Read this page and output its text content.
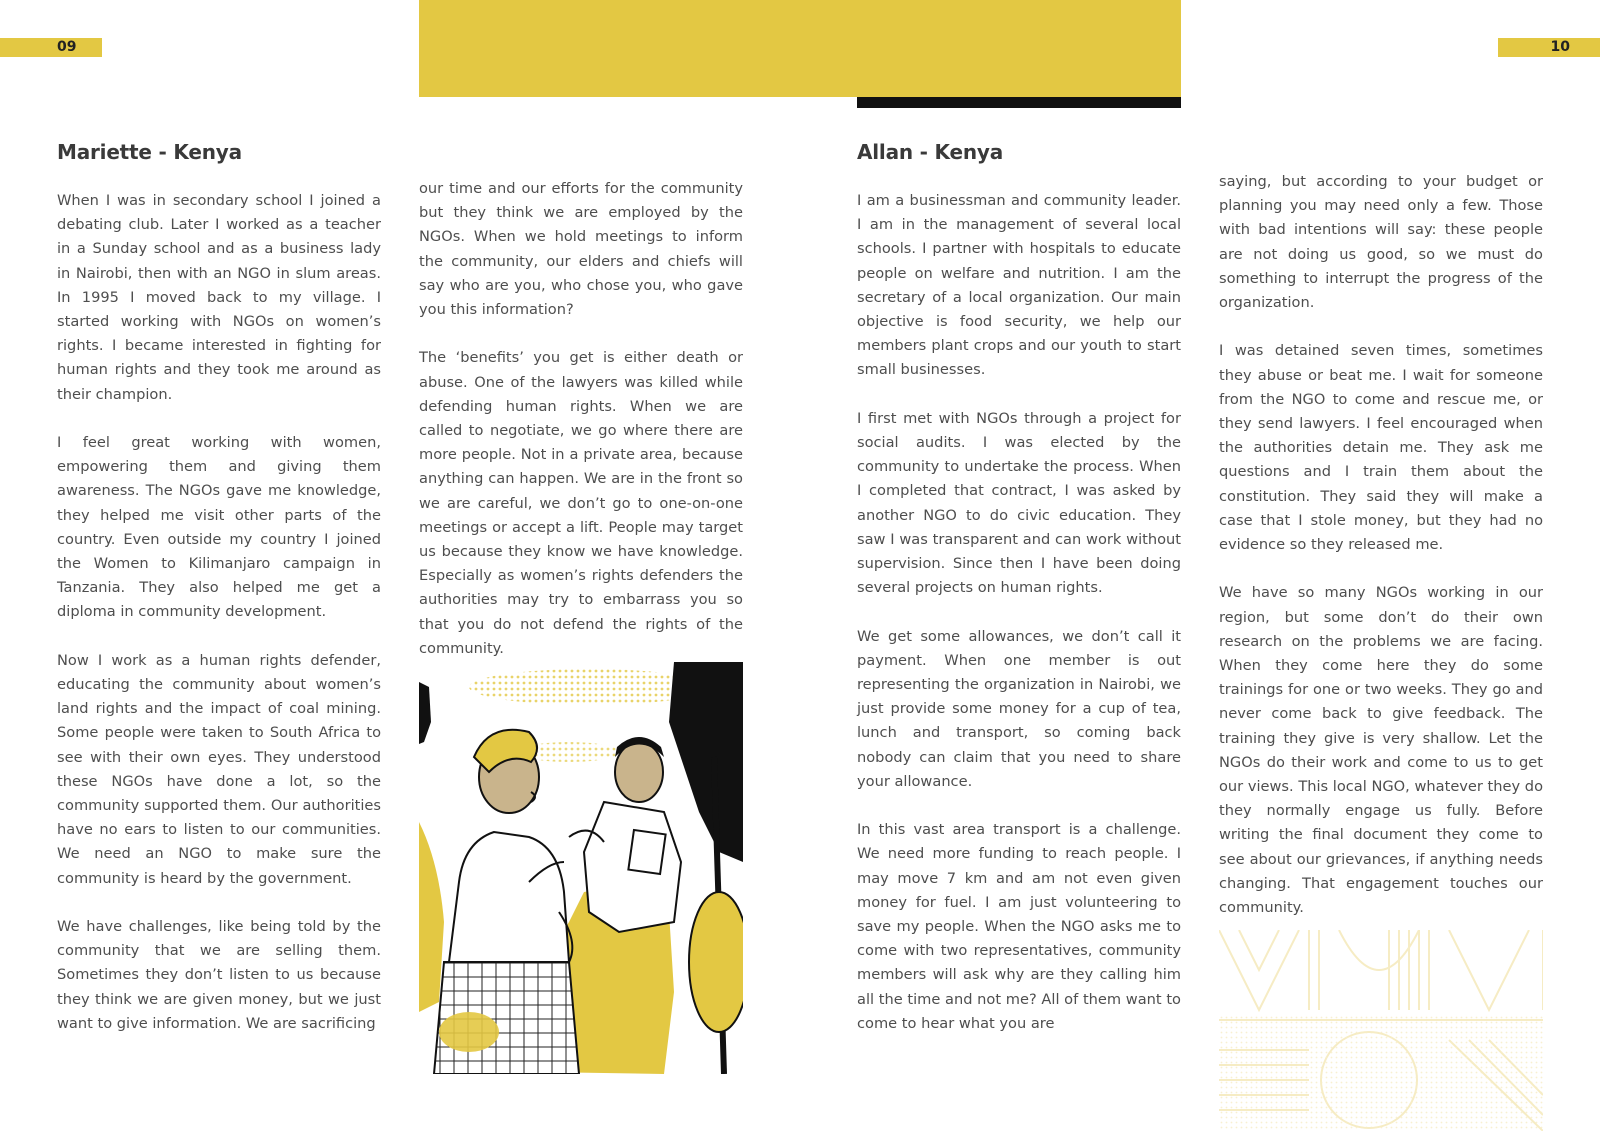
09	10
Mariette - Kenya	Allan - Kenya

When I was in secondary school I joined a debating club. Later I worked as a teacher in a Sunday school and as a business lady in Nairobi, then with an NGO in slum areas. In 1995 I moved back to my village. I started working with NGOs on women’s rights. I became interested in fighting for human rights and they took me around as their champion.

I feel great working with women, empowering them and giving them awareness. The NGOs gave me knowledge, they helped me visit other parts of the country. Even outside my country I joined the Women to Kilimanjaro campaign in Tanzania. They also helped me get a diploma in community development.

Now I work as a human rights defender, educating the community about women’s land rights and the impact of coal mining. Some people were taken to South Africa to see with their own eyes. They understood these NGOs have done a lot, so the community supported them. Our authorities have no ears to listen to our communities. We need an NGO to make sure the community is heard by the government.

We have challenges, like being told by the community that we are selling them. Sometimes they don’t listen to us because they think we are given money, but we just want to give information. We are sacrificing

our time and our efforts for the community but they think we are employed by the NGOs. When we hold meetings to inform the community, our elders and chiefs will say who are you, who chose you, who gave you this information?

The ‘benefits’ you get is either death or abuse. One of the lawyers was killed while defending human rights. When we are called to negotiate, we go where there are more people. Not in a private area, because anything can happen. We are in the front so we are careful, we don’t go to one-on-one meetings or accept a lift. People may target us because they know we have knowledge. Especially as women’s rights defenders the authorities may try to embarrass you so that you do not defend the rights of the community.

I am a businessman and community leader. I am in the management of several local schools. I partner with hospitals to educate people on welfare and nutrition. I am the secretary of a local organization. Our main objective is food security, we help our members plant crops and our youth to start small businesses.

I first met with NGOs through a project for social audits. I was elected by the community to undertake the process. When I completed that contract, I was asked by another NGO to do civic education. They saw I was transparent and can work without supervision. Since then I have been doing several projects on human rights.

We get some allowances, we don’t call it payment. When one member is out representing the organization in Nairobi, we just provide some money for a cup of tea, lunch and transport, so coming back nobody can claim that you need to share your allowance.

In this vast area transport is a challenge. We need more funding to reach people. I may move 7 km and am not even given money for fuel. I am just volunteering to save my people. When the NGO asks me to come with two representatives, community members will ask why are they calling him all the time and not me? All of them want to come to hear what you are

saying, but according to your budget or planning you may need only a few. Those with bad intentions will say: these people are not doing us good, so we must do something to interrupt the progress of the organization.

I was detained seven times, sometimes they abuse or beat me. I wait for someone from the NGO to come and rescue me, or they send lawyers. I feel encouraged when the authorities detain me. They ask me questions and I train them about the constitution. They said they will make a case that I stole money, but they had no evidence so they released me.

We have so many NGOs working in our region, but some don’t do their own research on the problems we are facing. When they come here they do some trainings for one or two weeks. They go and never come back to give feedback. The training they give is very shallow. Let the NGOs do their work and come to us to get our views. This local NGO, whatever they do they normally engage us fully. Before writing the final document they come to see about our grievances, if anything needs changing. That engagement touches our community.
